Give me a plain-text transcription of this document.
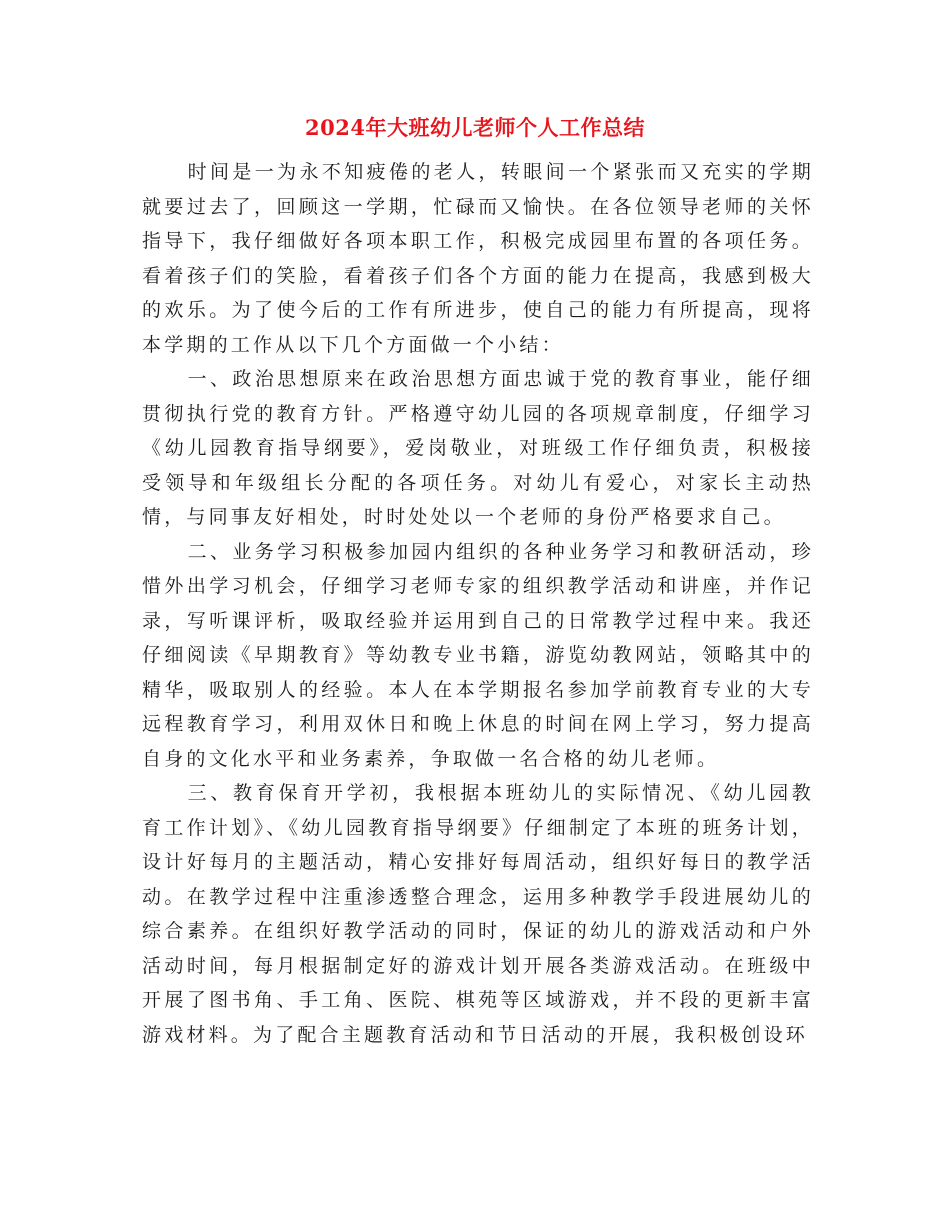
2024年大班幼儿老师个人工作总结

时间是一为永不知疲倦的老人，转眼间一个紧张而又充实的学期就要过去了，回顾这一学期，忙碌而又愉快。在各位领导老师的关怀指导下，我仔细做好各项本职工作，积极完成园里布置的各项任务。看着孩子们的笑脸，看着孩子们各个方面的能力在提高，我感到极大的欢乐。为了使今后的工作有所进步，使自己的能力有所提高，现将本学期的工作从以下几个方面做一个小结：

一、政治思想原来在政治思想方面忠诚于党的教育事业，能仔细贯彻执行党的教育方针。严格遵守幼儿园的各项规章制度，仔细学习《幼儿园教育指导纲要》，爱岗敬业，对班级工作仔细负责，积极接受领导和年级组长分配的各项任务。对幼儿有爱心，对家长主动热情，与同事友好相处，时时处处以一个老师的身份严格要求自己。

二、业务学习积极参加园内组织的各种业务学习和教研活动，珍惜外出学习机会，仔细学习老师专家的组织教学活动和讲座，并作记录，写听课评析，吸取经验并运用到自己的日常教学过程中来。我还仔细阅读《早期教育》等幼教专业书籍，游览幼教网站，领略其中的精华，吸取别人的经验。本人在本学期报名参加学前教育专业的大专远程教育学习，利用双休日和晚上休息的时间在网上学习，努力提高自身的文化水平和业务素养，争取做一名合格的幼儿老师。

三、教育保育开学初，我根据本班幼儿的实际情况、《幼儿园教育工作计划》、《幼儿园教育指导纲要》仔细制定了本班的班务计划，设计好每月的主题活动，精心安排好每周活动，组织好每日的教学活动。在教学过程中注重渗透整合理念，运用多种教学手段进展幼儿的综合素养。在组织好教学活动的同时，保证的幼儿的游戏活动和户外活动时间，每月根据制定好的游戏计划开展各类游戏活动。在班级中开展了图书角、手工角、医院、棋苑等区域游戏，并不段的更新丰富游戏材料。为了配合主题教育活动和节日活动的开展，我积极创设环
